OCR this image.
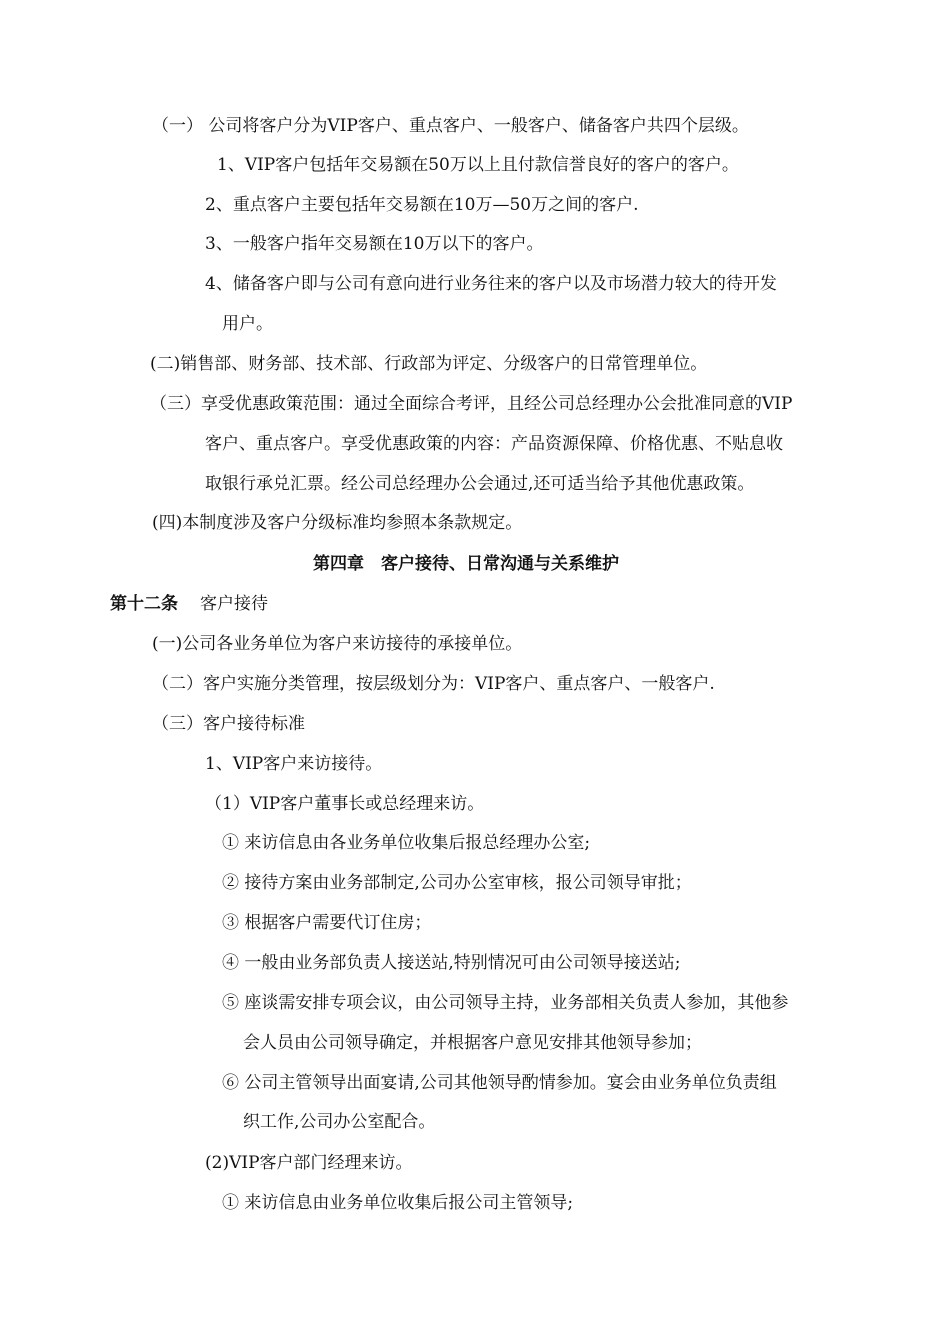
（一） 公司将客户分为VIP客户、重点客户、一般客户、储备客户共四个层级。
1、VIP客户包括年交易额在50万以上且付款信誉良好的客户的客户。
2、重点客户主要包括年交易额在10万—50万之间的客户.
3、一般客户指年交易额在10万以下的客户。
4、储备客户即与公司有意向进行业务往来的客户以及市场潜力较大的待开发
用户。
(二)销售部、财务部、技术部、行政部为评定、分级客户的日常管理单位。
（三）享受优惠政策范围：通过全面综合考评，且经公司总经理办公会批准同意的VIP
客户、重点客户。享受优惠政策的内容：产品资源保障、价格优惠、不贴息收
取银行承兑汇票。经公司总经理办公会通过,还可适当给予其他优惠政策。
(四)本制度涉及客户分级标准均参照本条款规定。
第四章　客户接待、日常沟通与关系维护
第十二条 客户接待
(一)公司各业务单位为客户来访接待的承接单位。
（二）客户实施分类管理，按层级划分为：VIP客户、重点客户、一般客户.
（三）客户接待标准
1、VIP客户来访接待。
（1）VIP客户董事长或总经理来访。
① 来访信息由各业务单位收集后报总经理办公室;
② 接待方案由业务部制定,公司办公室审核，报公司领导审批；
③ 根据客户需要代订住房；
④ 一般由业务部负责人接送站,特别情况可由公司领导接送站;
⑤ 座谈需安排专项会议，由公司领导主持，业务部相关负责人参加，其他参
会人员由公司领导确定，并根据客户意见安排其他领导参加；
⑥ 公司主管领导出面宴请,公司其他领导酌情参加。宴会由业务单位负责组
织工作,公司办公室配合。
(2)VIP客户部门经理来访。
① 来访信息由业务单位收集后报公司主管领导;
